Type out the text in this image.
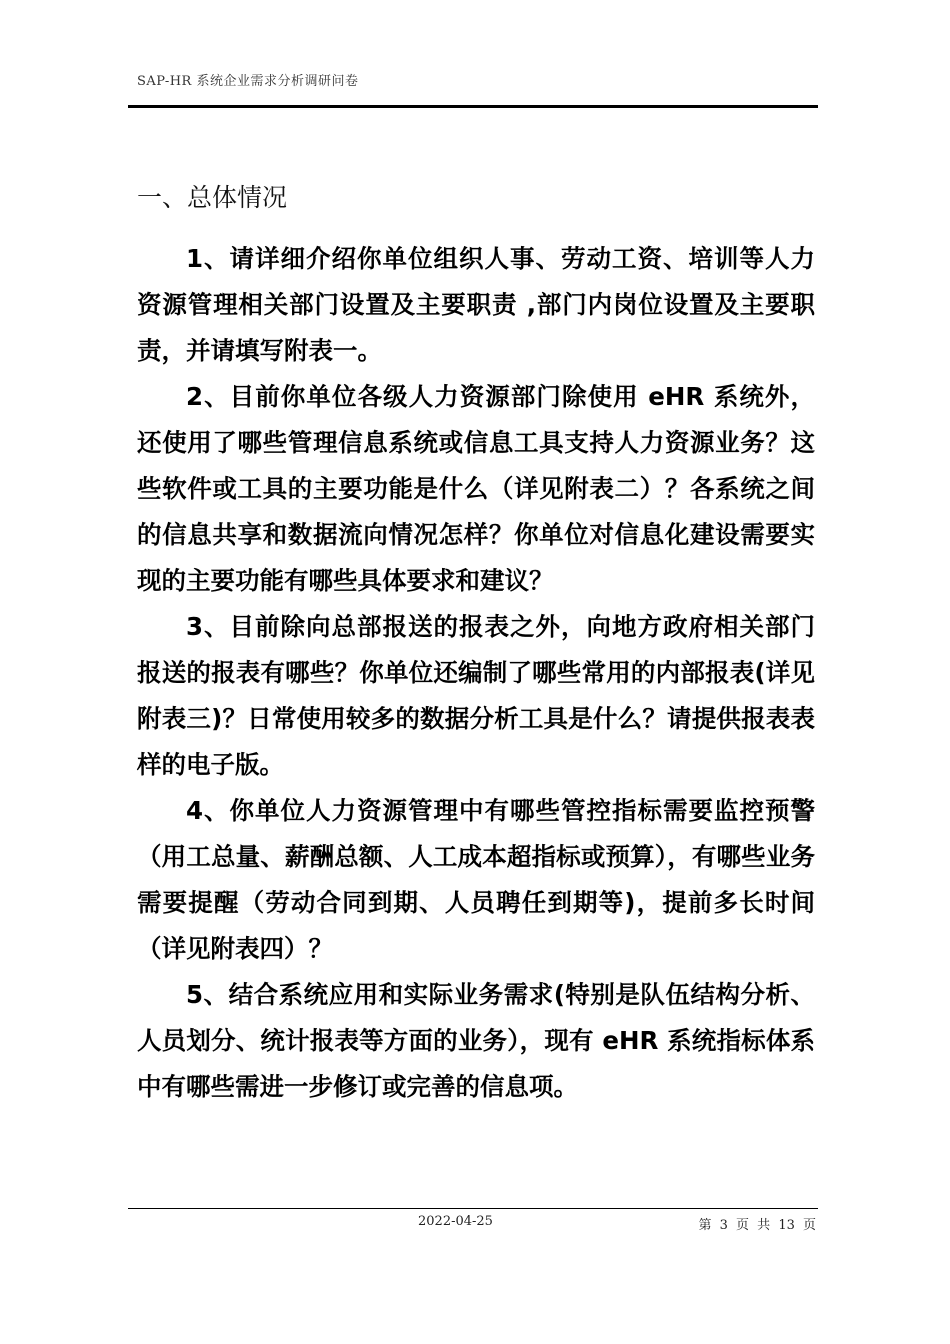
SAP-HR 系统企业需求分析调研问卷
一、总体情况

1、请详细介绍你单位组织人事、劳动工资、培训等人力资源管理相关部门设置及主要职责 ,部门内岗位设置及主要职责，并请填写附表一。

2、目前你单位各级人力资源部门除使用 eHR 系统外，还使用了哪些管理信息系统或信息工具支持人力资源业务？这些软件或工具的主要功能是什么（详见附表二）？各系统之间的信息共享和数据流向情况怎样？你单位对信息化建设需要实现的主要功能有哪些具体要求和建议？

3、目前除向总部报送的报表之外，向地方政府相关部门报送的报表有哪些？你单位还编制了哪些常用的内部报表(详见附表三)？日常使用较多的数据分析工具是什么？请提供报表表样的电子版。

4、你单位人力资源管理中有哪些管控指标需要监控预警（用工总量、薪酬总额、人工成本超指标或预算），有哪些业务需要提醒（劳动合同到期、人员聘任到期等)，提前多长时间（详见附表四）？

5、结合系统应用和实际业务需求(特别是队伍结构分析、人员划分、统计报表等方面的业务），现有 eHR 系统指标体系中有哪些需进一步修订或完善的信息项。

2022-04-25	第 3 页 共 13 页
